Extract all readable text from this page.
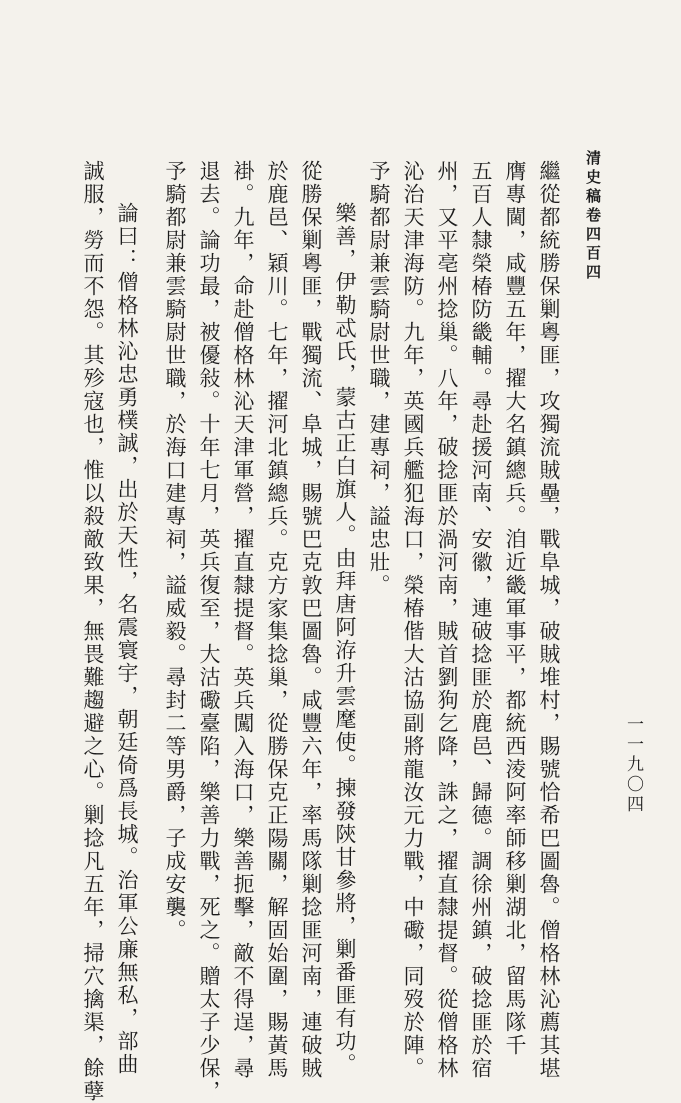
清史稿卷四百四
一一九〇四
繼從都統勝保剿粵匪，攻獨流賊壘，戰阜城，破賊堆村，賜號恰希巴圖魯。僧格林沁薦其堪
膺專閫，咸豐五年，擢大名鎮總兵。洎近畿軍事平，都統西淩阿率師移剿湖北，留馬隊千
五百人隸榮椿防畿輔。尋赴援河南、安徽，連破捻匪於鹿邑、歸德。調徐州鎮，破捻匪於宿
州，又平亳州捻巢。八年，破捻匪於渦河南，賊首劉狗乞降，誅之，擢直隸提督。從僧格林
沁治天津海防。九年，英國兵艦犯海口，榮椿偕大沽協副將龍汝元力戰，中礮，同歿於陣。
予騎都尉兼雲騎尉世職，建專祠，謚忠壯。
樂善，伊勒忒氏，蒙古正白旗人。由拜唐阿洊升雲麾使。揀發陝甘參將，剿番匪有功。
從勝保剿粵匪，戰獨流、阜城，賜號巴克敦巴圖魯。咸豐六年，率馬隊剿捻匪河南，連破賊
於鹿邑、穎川。七年，擢河北鎮總兵。克方家集捻巢，從勝保克正陽關，解固始圍，賜黃馬
褂。九年，命赴僧格林沁天津軍營，擢直隸提督。英兵闖入海口，樂善扼擊，敵不得逞，尋
退去。論功最，被優敍。十年七月，英兵復至，大沽礮臺陷，樂善力戰，死之。贈太子少保，
予騎都尉兼雲騎尉世職，於海口建專祠，謚威毅。尋封二等男爵，子成安襲。
論曰：僧格林沁忠勇樸誠，出於天性，名震寰宇，朝廷倚爲長城。治軍公廉無私，部曲
誠服，勞而不怨。其殄寇也，惟以殺敵致果，無畏難趨避之心。剿捻凡五年，掃穴擒渠，餘孽
